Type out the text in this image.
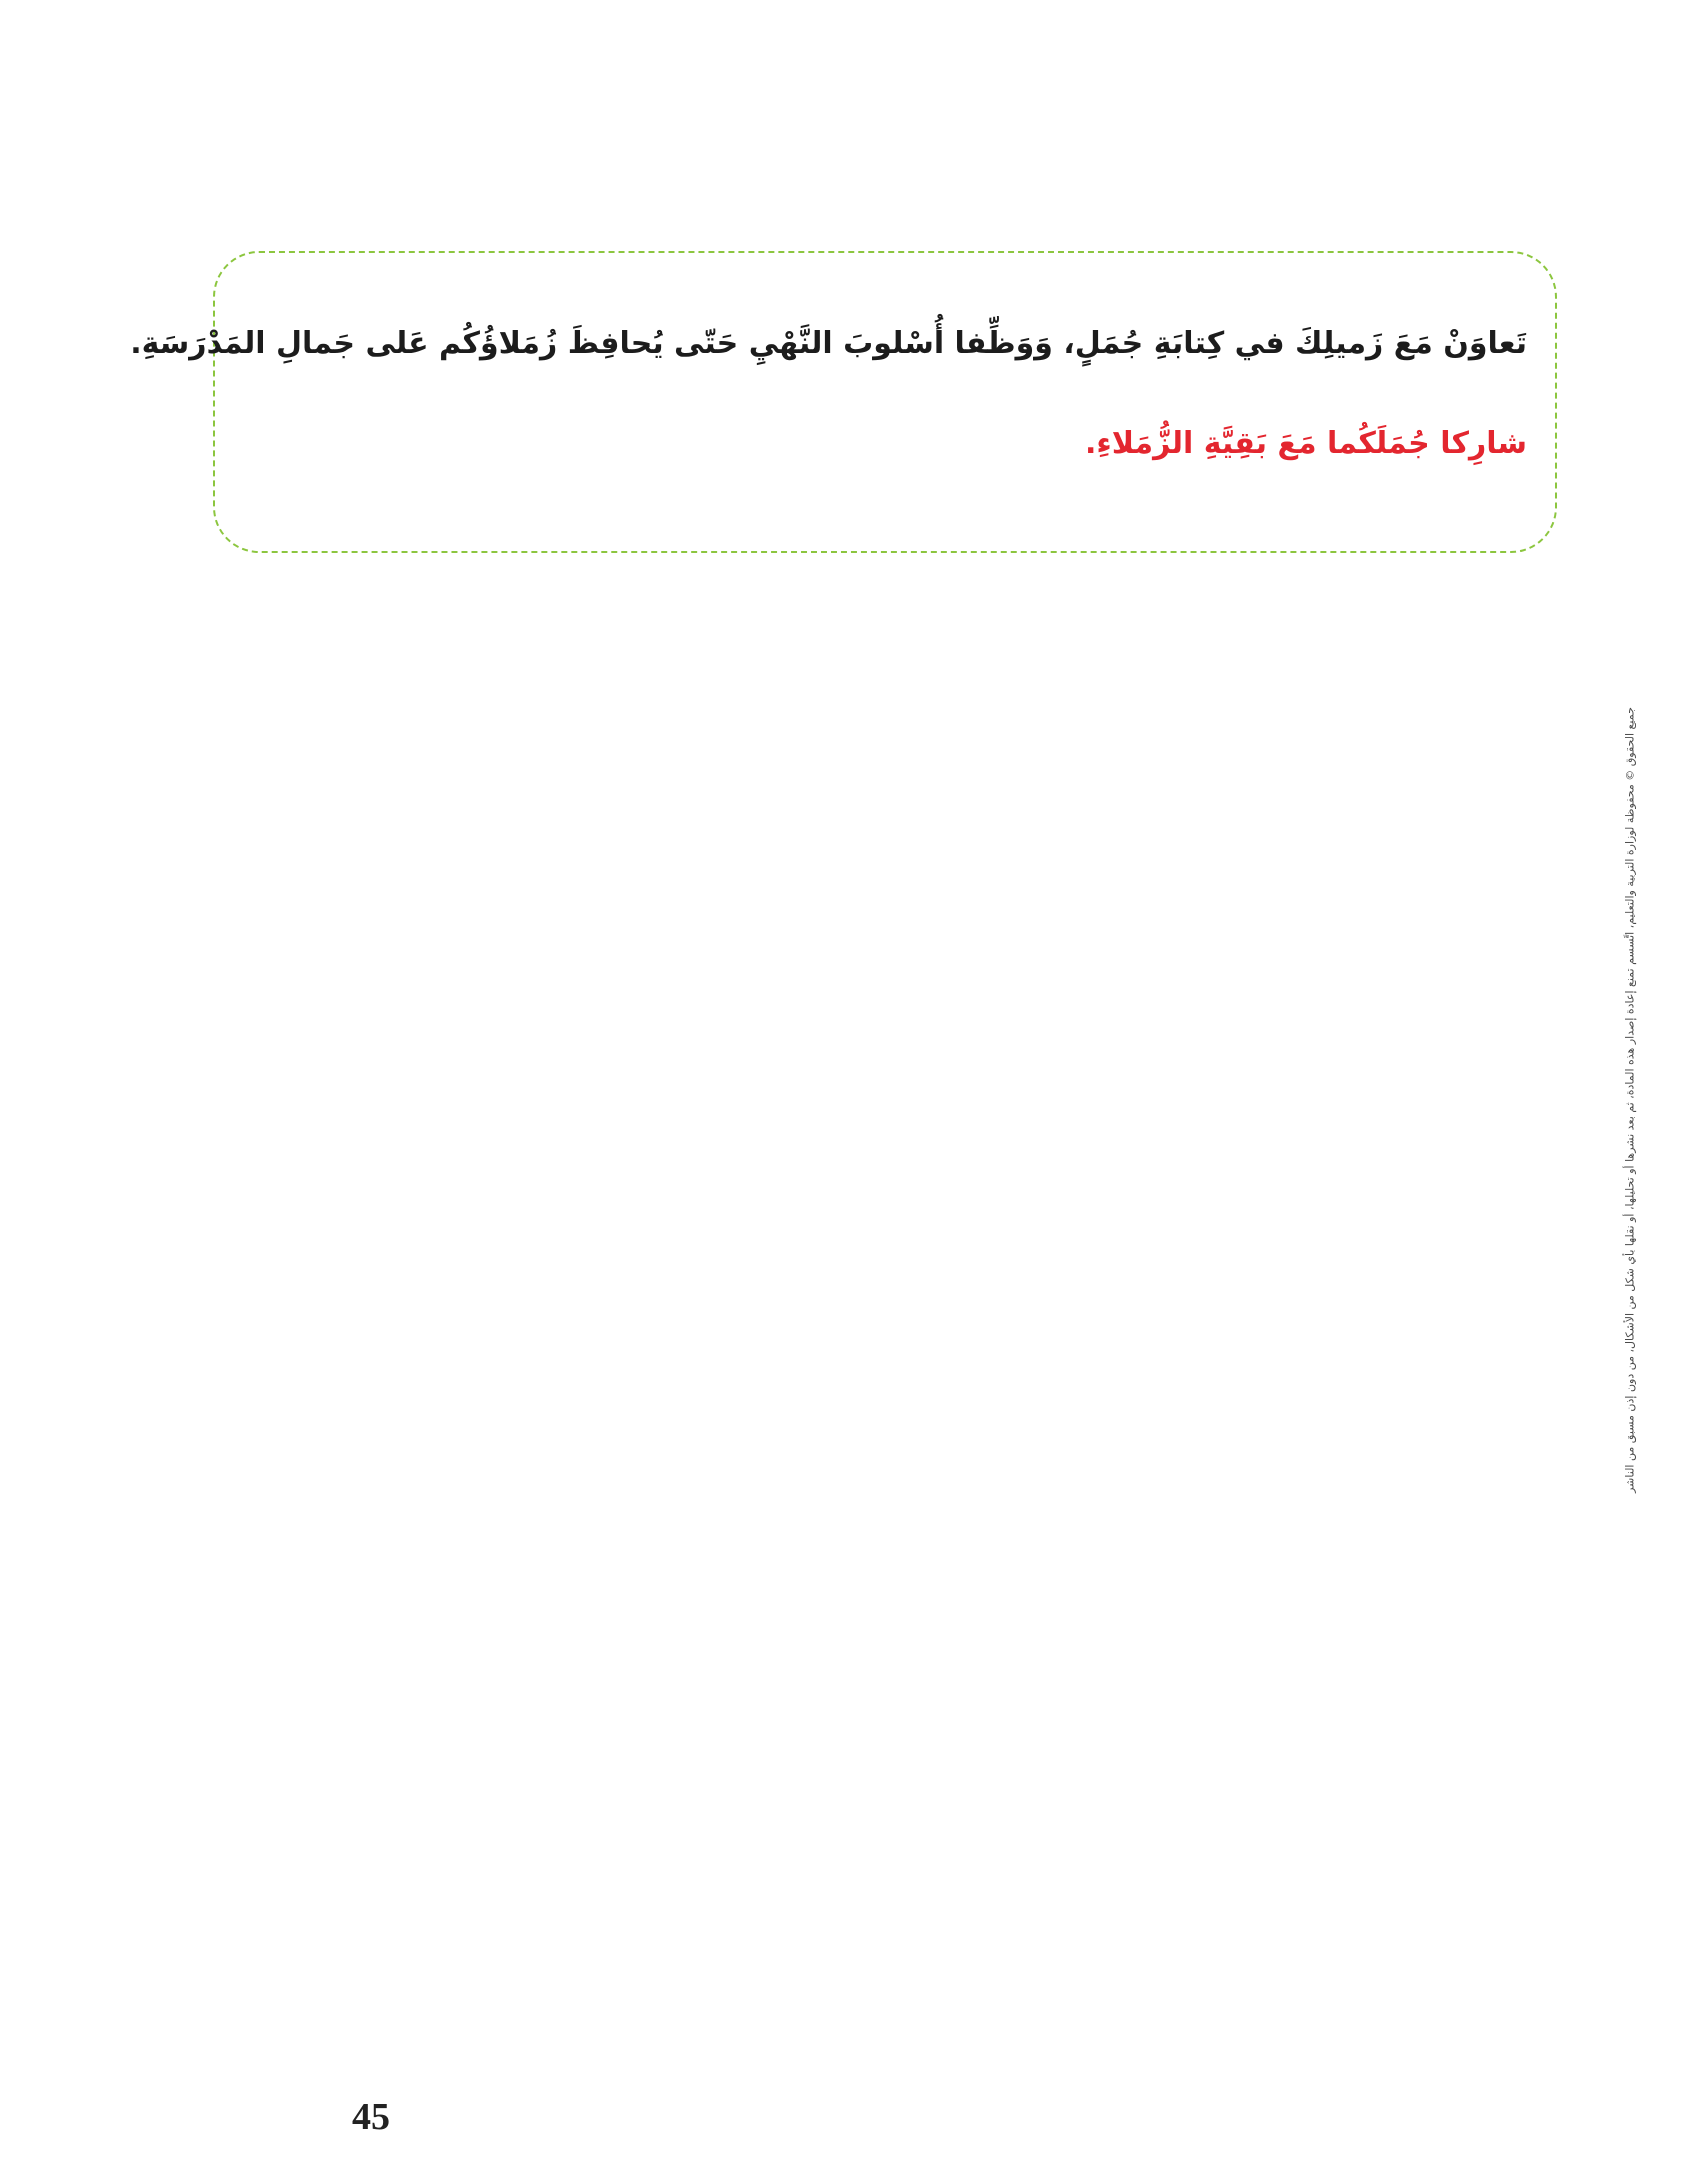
تَعاوَنْ مَعَ زَميلِكَ في كِتابَةِ جُمَلٍ، وَوَظِّفا أُسْلوبَ النَّهْيِ حَتّى يُحافِظَ زُمَلاؤُكُم عَلى جَمالِ المَدْرَسَةِ.

شارِكا جُمَلَكُما مَعَ بَقِيَّةِ الزُّمَلاءِ.

جميع الحقوق © محفوظة لوزارة التربية والتعليم، اتَّسسم تمنع إعادة إصدار هذه المادة، ثم بعد نشرها أو تحليلها، أو نقلها بأي شكل من الأشكال، من دون إذن مسبق من الناشر
45
